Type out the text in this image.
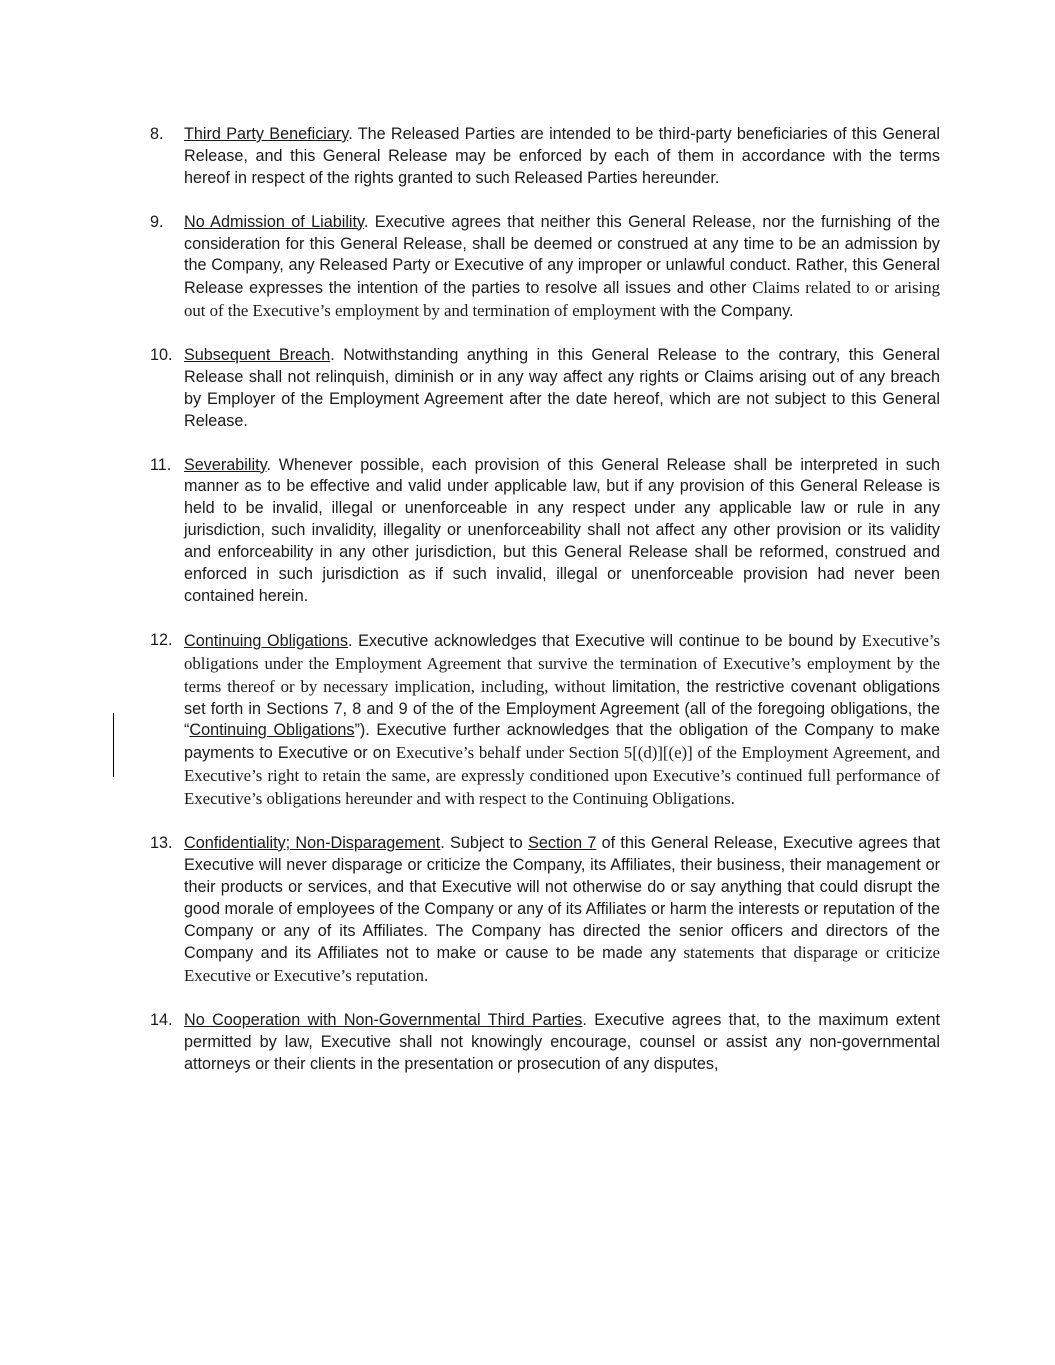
8.	Third Party Beneficiary. The Released Parties are intended to be third-party beneficiaries of this General Release, and this General Release may be enforced by each of them in accordance with the terms hereof in respect of the rights granted to such Released Parties hereunder.
9.	No Admission of Liability. Executive agrees that neither this General Release, nor the furnishing of the consideration for this General Release, shall be deemed or construed at any time to be an admission by the Company, any Released Party or Executive of any improper or unlawful conduct. Rather, this General Release expresses the intention of the parties to resolve all issues and other Claims related to or arising out of the Executive’s employment by and termination of employment with the Company.
10. Subsequent Breach. Notwithstanding anything in this General Release to the contrary, this General Release shall not relinquish, diminish or in any way affect any rights or Claims arising out of any breach by Employer of the Employment Agreement after the date hereof, which are not subject to this General Release.
11. Severability. Whenever possible, each provision of this General Release shall be interpreted in such manner as to be effective and valid under applicable law, but if any provision of this General Release is held to be invalid, illegal or unenforceable in any respect under any applicable law or rule in any jurisdiction, such invalidity, illegality or unenforceability shall not affect any other provision or its validity and enforceability in any other jurisdiction, but this General Release shall be reformed, construed and enforced in such jurisdiction as if such invalid, illegal or unenforceable provision had never been contained herein.
12. Continuing Obligations. Executive acknowledges that Executive will continue to be bound by Executive’s obligations under the Employment Agreement that survive the termination of Executive’s employment by the terms thereof or by necessary implication, including, without limitation, the restrictive covenant obligations set forth in Sections 7, 8 and 9 of the of the Employment Agreement (all of the foregoing obligations, the “Continuing Obligations”). Executive further acknowledges that the obligation of the Company to make payments to Executive or on Executive’s behalf under Section 5[(d)][(e)] of the Employment Agreement, and Executive’s right to retain the same, are expressly conditioned upon Executive’s continued full performance of Executive’s obligations hereunder and with respect to the Continuing Obligations.
13. Confidentiality; Non-Disparagement. Subject to Section 7 of this General Release, Executive agrees that Executive will never disparage or criticize the Company, its Affiliates, their business, their management or their products or services, and that Executive will not otherwise do or say anything that could disrupt the good morale of employees of the Company or any of its Affiliates or harm the interests or reputation of the Company or any of its Affiliates. The Company has directed the senior officers and directors of the Company and its Affiliates not to make or cause to be made any statements that disparage or criticize Executive or Executive’s reputation.
14. No Cooperation with Non-Governmental Third Parties. Executive agrees that, to the maximum extent permitted by law, Executive shall not knowingly encourage, counsel or assist any non-governmental attorneys or their clients in the presentation or prosecution of any disputes,
